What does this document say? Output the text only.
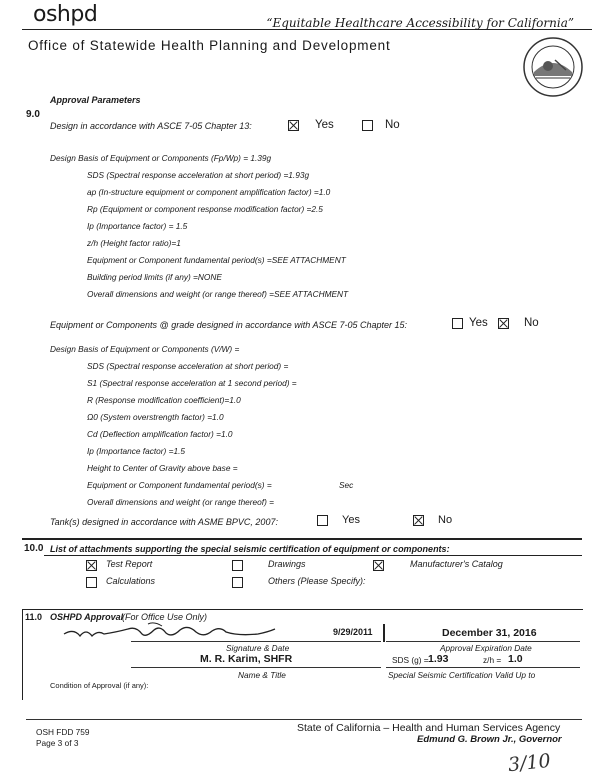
oshpd	“Equitable Healthcare Accessibility for California”
Office of Statewide Health Planning and Development
Approval Parameters
9.0
Design in accordance with ASCE 7-05 Chapter 13:	Yes	No
Design Basis of Equipment or Components (Fp/Wp) = 1.39g
SDS (Spectral response acceleration at short period) =1.93g
ap (In-structure equipment or component amplification factor) =1.0
Rp (Equipment or component response modification factor) =2.5
Ip (Importance factor) = 1.5
z/h (Height factor ratio)=1
Equipment or Component fundamental period(s) =SEE ATTACHMENT
Building period limits (if any) =NONE
Overall dimensions and weight (or range thereof) =SEE ATTACHMENT
Equipment or Components @ grade designed in accordance with ASCE 7-05 Chapter 15:	Yes	No
Design Basis of Equipment or Components (V/W) =
SDS (Spectral response acceleration at short period) =
S1 (Spectral response acceleration at 1 second period) =
R (Response modification coefficient)=1.0
Ω0 (System overstrength factor) =1.0
Cd (Deflection amplification factor) =1.0
Ip (Importance factor) =1.5
Height to Center of Gravity above base =
Equipment or Component fundamental period(s) =	Sec
Overall dimensions and weight (or range thereof) =
Tank(s) designed in accordance with ASME BPVC, 2007:	Yes	No
10.0 List of attachments supporting the special seismic certification of equipment or components:
Test Report	Drawings	Manufacturer's Catalog
Calculations	Others (Please Specify):
11.0 OSHPD Approval
(For Office Use Only)
9/29/2011
Signature & Date
M. R. Karim, SHFR
Name & Title
December 31, 2016
Approval Expiration Date
SDS (g) = 1.93	z/h = 1.0
Special Seismic Certification Valid Up to
Condition of Approval (if any):
OSH FDD 759
Page 3 of 3
State of California – Health and Human Services Agency
Edmund G. Brown Jr., Governor
3/10
